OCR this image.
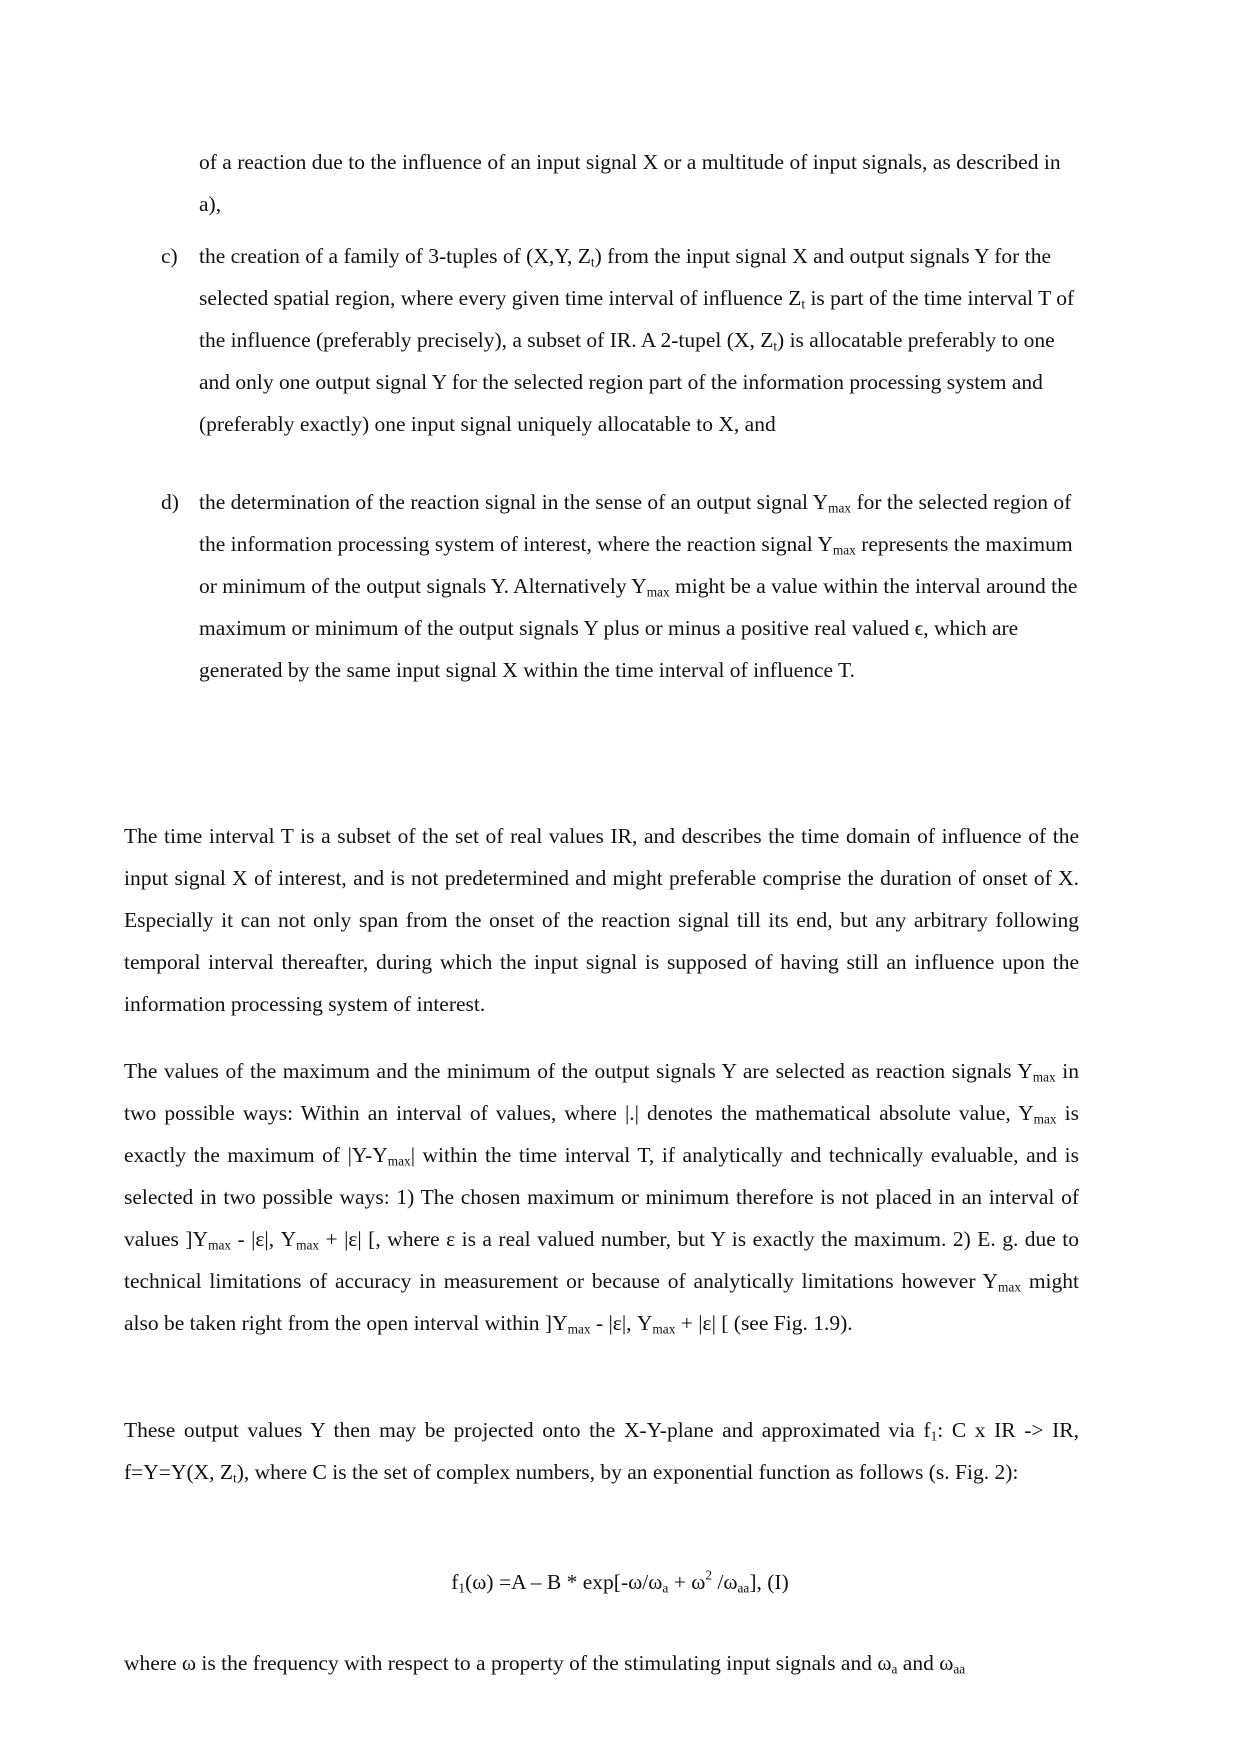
of a reaction due to the influence of an input signal X or a multitude of input signals, as described in a),
c) the creation of a family of 3-tuples of (X,Y, $Z_t$) from the input signal X and output signals Y for the selected spatial region, where every given time interval of influence $Z_t$ is part of the time interval T of the influence (preferably precisely), a subset of IR. A 2-tupel (X, $Z_t$) is allocatable preferably to one and only one output signal Y for the selected region part of the information processing system and (preferably exactly) one input signal uniquely allocatable to X, and
d) the determination of the reaction signal in the sense of an output signal $Y_{max}$ for the selected region of the information processing system of interest, where the reaction signal $Y_{max}$ represents the maximum or minimum of the output signals Y. Alternatively $Y_{max}$ might be a value within the interval around the maximum or minimum of the output signals Y plus or minus a positive real valued ϵ, which are generated by the same input signal X within the time interval of influence T.
The time interval T is a subset of the set of real values IR, and describes the time domain of influence of the input signal X of interest, and is not predetermined and might preferable comprise the duration of onset of X. Especially it can not only span from the onset of the reaction signal till its end, but any arbitrary following temporal interval thereafter, during which the input signal is supposed of having still an influence upon the information processing system of interest.
The values of the maximum and the minimum of the output signals Y are selected as reaction signals $Y_{max}$ in two possible ways: Within an interval of values, where |.| denotes the mathematical absolute value, $Y_{max}$ is exactly the maximum of $|Y-Y_{max}|$ within the time interval T, if analytically and technically evaluable, and is selected in two possible ways: 1) The chosen maximum or minimum therefore is not placed in an interval of values ]$Y_{max} - |\varepsilon|$, $Y_{max} + |\varepsilon|$ [, where ε is a real valued number, but Y is exactly the maximum. 2) E. g. due to technical limitations of accuracy in measurement or because of analytically limitations however $Y_{max}$ might also be taken right from the open interval within ]$Y_{max} - |\varepsilon|$, $Y_{max} + |\varepsilon|$ [ (see Fig. 1.9).
These output values Y then may be projected onto the X-Y-plane and approximated via $f_1$: C x IR -> IR, f=Y=Y(X, $Z_t$), where C is the set of complex numbers, by an exponential function as follows (s. Fig. 2):
$f_1(\omega) =A - B * \exp[-\omega/\omega_a + \omega^2$ $/\omega_{aa}$], (I)
where ω is the frequency with respect to a property of the stimulating input signals and $\omega_a$ and $\omega_{aa}$
